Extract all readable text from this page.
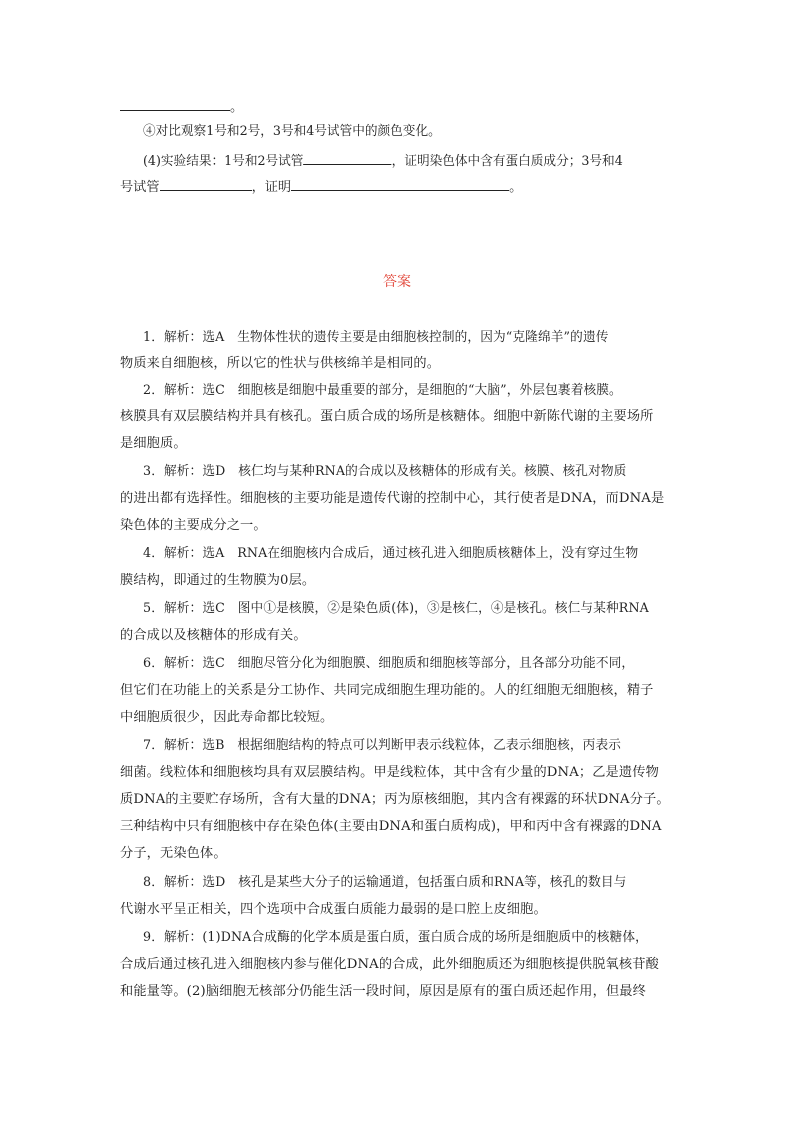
。
④对比观察1号和2号，3号和4号试管中的颜色变化。
(4)实验结果：1号和2号试管	，证明染色体中含有蛋白质成分；3号和4
号试管	，证明	。
答案
1．解析：选A　生物体性状的遗传主要是由细胞核控制的，因为“克隆绵羊”的遗传
物质来自细胞核，所以它的性状与供核绵羊是相同的。
2．解析：选C　细胞核是细胞中最重要的部分，是细胞的“大脑”，外层包裹着核膜。
核膜具有双层膜结构并具有核孔。蛋白质合成的场所是核糖体。细胞中新陈代谢的主要场所
是细胞质。
3．解析：选D　核仁均与某种RNA的合成以及核糖体的形成有关。核膜、核孔对物质
的进出都有选择性。细胞核的主要功能是遗传代谢的控制中心，其行使者是DNA，而DNA是
染色体的主要成分之一。
4．解析：选A　RNA在细胞核内合成后，通过核孔进入细胞质核糖体上，没有穿过生物
膜结构，即通过的生物膜为0层。
5．解析：选C　图中①是核膜，②是染色质(体)，③是核仁，④是核孔。核仁与某种RNA
的合成以及核糖体的形成有关。
6．解析：选C　细胞尽管分化为细胞膜、细胞质和细胞核等部分，且各部分功能不同，
但它们在功能上的关系是分工协作、共同完成细胞生理功能的。人的红细胞无细胞核，精子
中细胞质很少，因此寿命都比较短。
7．解析：选B　根据细胞结构的特点可以判断甲表示线粒体，乙表示细胞核，丙表示
细菌。线粒体和细胞核均具有双层膜结构。甲是线粒体，其中含有少量的DNA；乙是遗传物
质DNA的主要贮存场所，含有大量的DNA；丙为原核细胞，其内含有裸露的环状DNA分子。
三种结构中只有细胞核中存在染色体(主要由DNA和蛋白质构成)，甲和丙中含有裸露的DNA
分子，无染色体。
8．解析：选D　核孔是某些大分子的运输通道，包括蛋白质和RNA等，核孔的数目与
代谢水平呈正相关，四个选项中合成蛋白质能力最弱的是口腔上皮细胞。
9．解析：(1)DNA合成酶的化学本质是蛋白质，蛋白质合成的场所是细胞质中的核糖体，
合成后通过核孔进入细胞核内参与催化DNA的合成，此外细胞质还为细胞核提供脱氧核苷酸
和能量等。(2)脑细胞无核部分仍能生活一段时间，原因是原有的蛋白质还起作用，但最终
